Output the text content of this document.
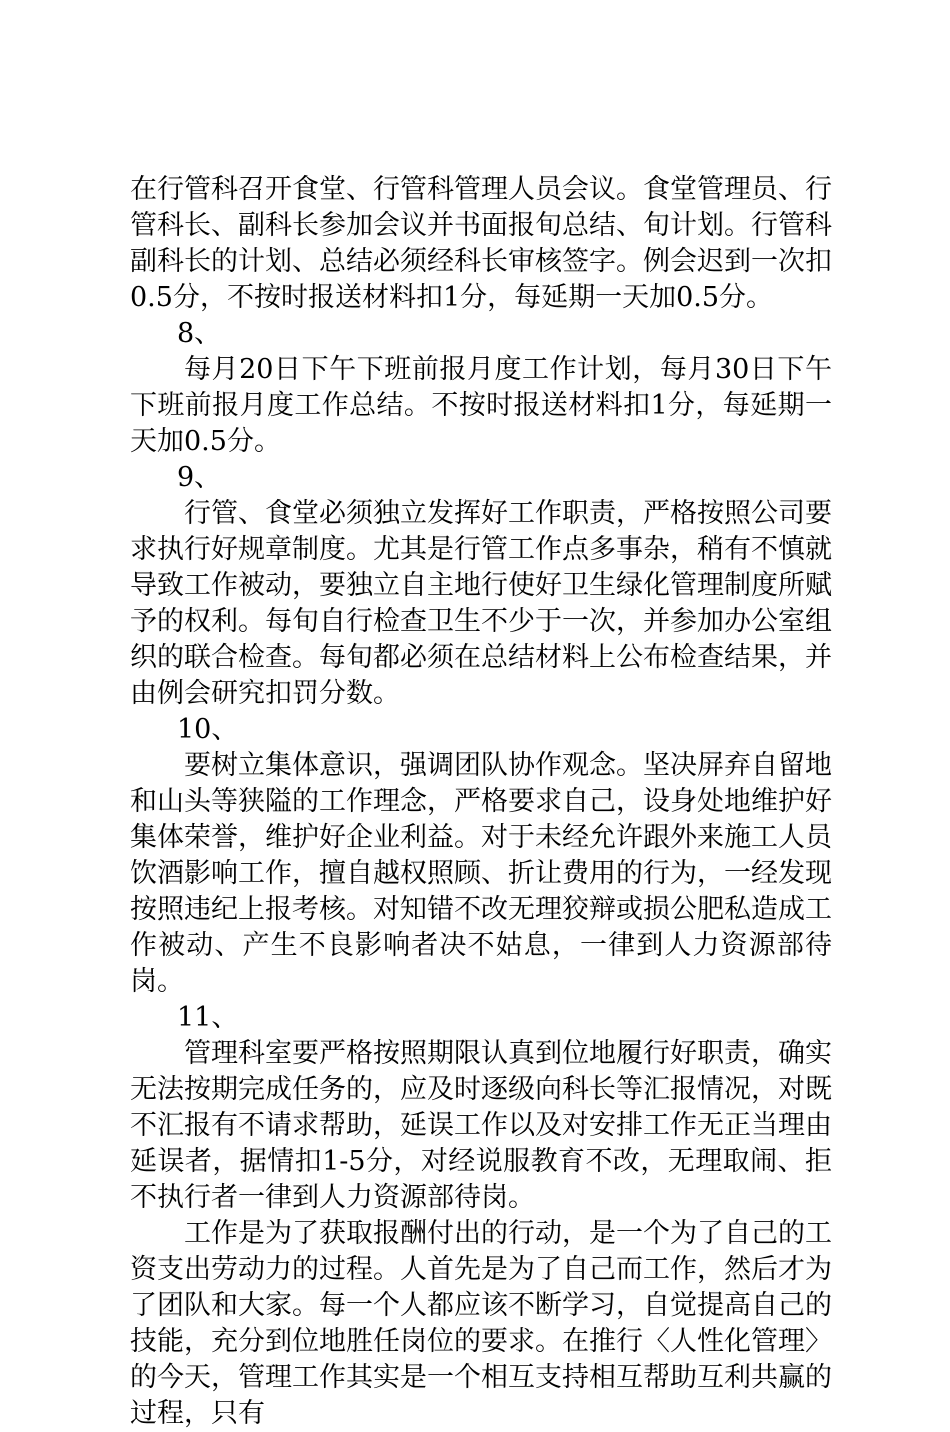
在行管科召开食堂、行管科管理人员会议。食堂管理员、行管科长、副科长参加会议并书面报旬总结、旬计划。行管科副科长的计划、总结必须经科长审核签字。例会迟到一次扣0.5分，不按时报送材料扣1分，每延期一天加0.5分。

8、

每月20日下午下班前报月度工作计划，每月30日下午下班前报月度工作总结。不按时报送材料扣1分，每延期一天加0.5分。

9、

行管、食堂必须独立发挥好工作职责，严格按照公司要求执行好规章制度。尤其是行管工作点多事杂，稍有不慎就导致工作被动，要独立自主地行使好卫生绿化管理制度所赋予的权利。每旬自行检查卫生不少于一次，并参加办公室组织的联合检查。每旬都必须在总结材料上公布检查结果，并由例会研究扣罚分数。

10、

要树立集体意识，强调团队协作观念。坚决屏弃自留地和山头等狭隘的工作理念，严格要求自己，设身处地维护好集体荣誉，维护好企业利益。对于未经允许跟外来施工人员饮酒影响工作，擅自越权照顾、折让费用的行为，一经发现按照违纪上报考核。对知错不改无理狡辩或损公肥私造成工作被动、产生不良影响者决不姑息，一律到人力资源部待岗。

11、

管理科室要严格按照期限认真到位地履行好职责，确实无法按期完成任务的，应及时逐级向科长等汇报情况，对既不汇报有不请求帮助，延误工作以及对安排工作无正当理由延误者，据情扣1-5分，对经说服教育不改，无理取闹、拒不执行者一律到人力资源部待岗。

工作是为了获取报酬付出的行动，是一个为了自己的工资支出劳动力的过程。人首先是为了自己而工作，然后才为了团队和大家。每一个人都应该不断学习，自觉提高自己的技能，充分到位地胜任岗位的要求。在推行〈人性化管理〉的今天，管理工作其实是一个相互支持相互帮助互利共赢的过程，只有
